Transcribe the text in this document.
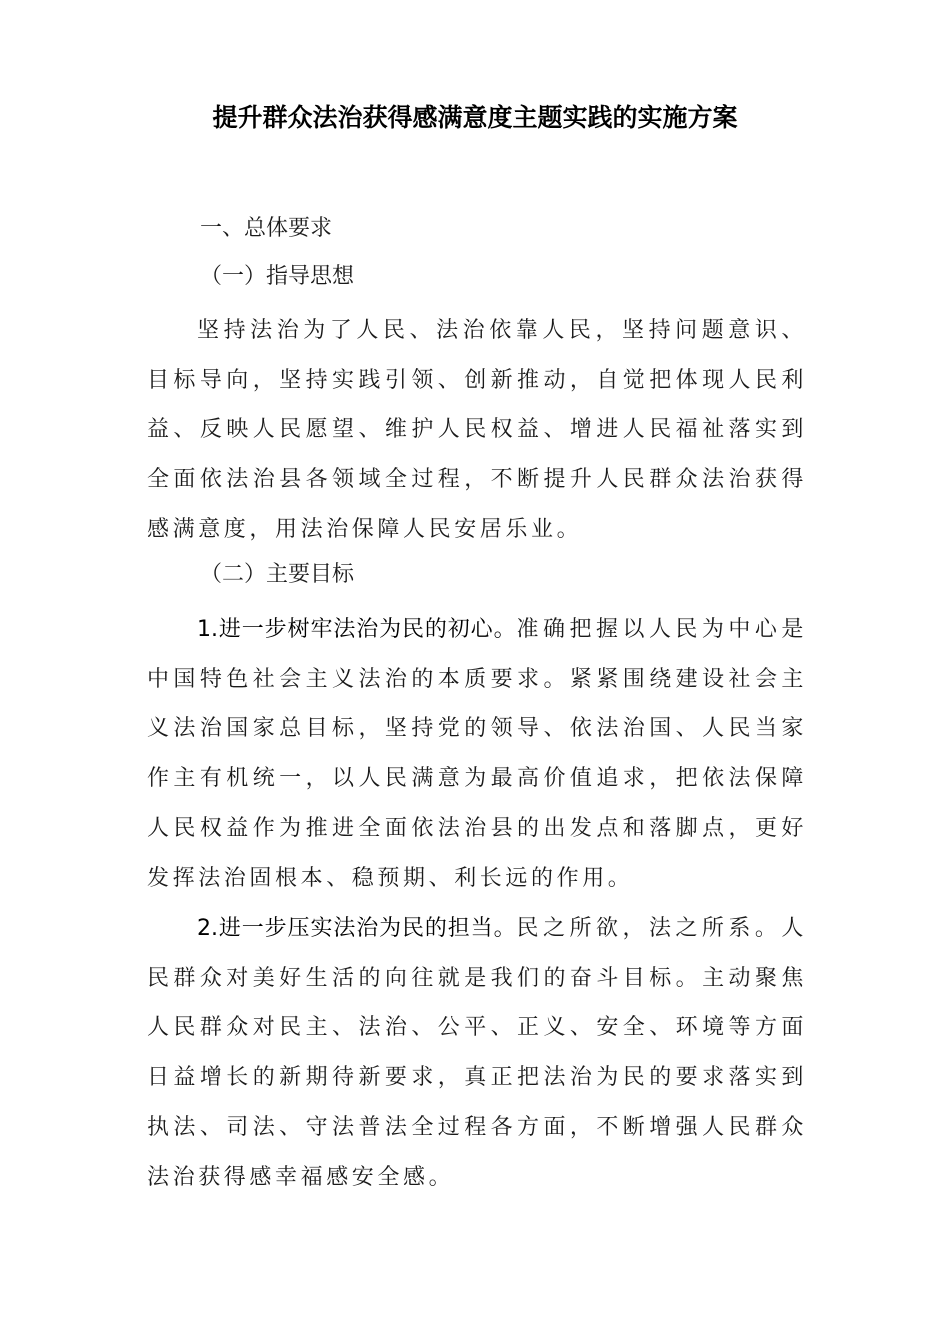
提升群众法治获得感满意度主题实践的实施方案

一、总体要求

（一）指导思想

坚持法治为了人民、法治依靠人民，坚持问题意识、目标导向，坚持实践引领、创新推动，自觉把体现人民利益、反映人民愿望、维护人民权益、增进人民福祉落实到全面依法治县各领域全过程，不断提升人民群众法治获得感满意度，用法治保障人民安居乐业。

（二）主要目标

1.进一步树牢法治为民的初心。准确把握以人民为中心是中国特色社会主义法治的本质要求。紧紧围绕建设社会主义法治国家总目标，坚持党的领导、依法治国、人民当家作主有机统一，以人民满意为最高价值追求，把依法保障人民权益作为推进全面依法治县的出发点和落脚点，更好发挥法治固根本、稳预期、利长远的作用。

2.进一步压实法治为民的担当。民之所欲，法之所系。人民群众对美好生活的向往就是我们的奋斗目标。主动聚焦人民群众对民主、法治、公平、正义、安全、环境等方面日益增长的新期待新要求，真正把法治为民的要求落实到执法、司法、守法普法全过程各方面，不断增强人民群众法治获得感幸福感安全感。
